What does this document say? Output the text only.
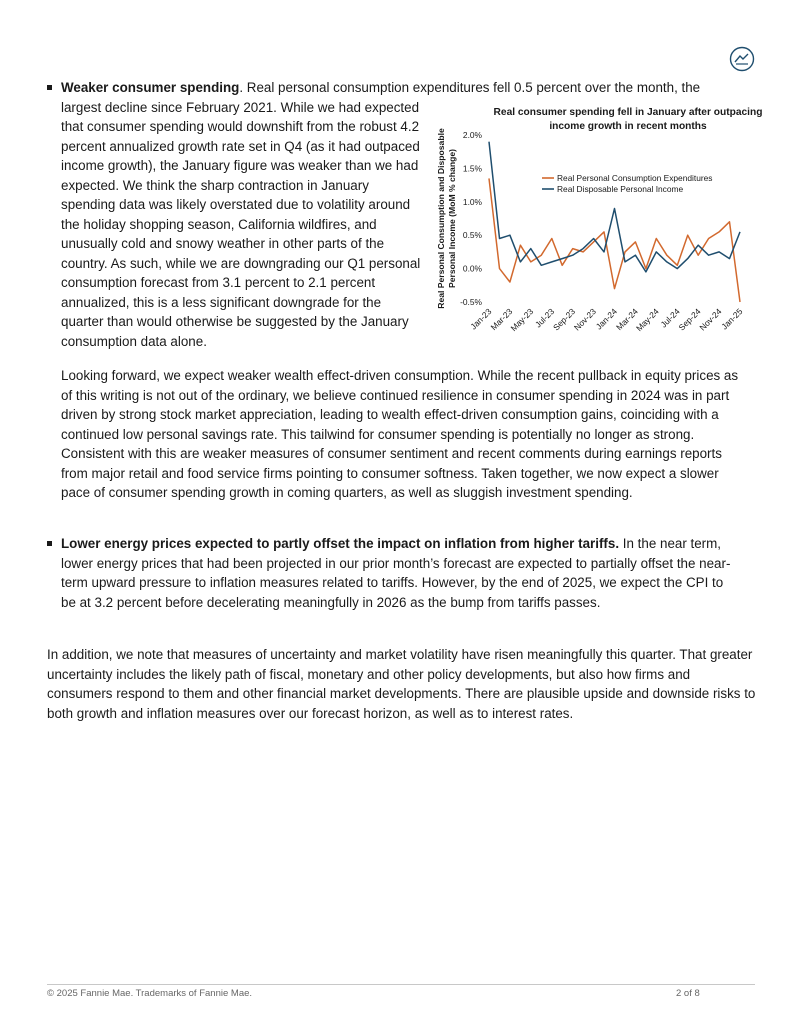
Weaker consumer spending. Real personal consumption expenditures fell 0.5 percent over the month, the

largest decline since February 2021. While we had expected that consumer spending would downshift from the robust 4.2 percent annualized growth rate set in Q4 (as it had outpaced income growth), the January figure was weaker than we had expected. We think the sharp contraction in January spending data was likely overstated due to volatility around the holiday shopping season, California wildfires, and unusually cold and snowy weather in other parts of the country. As such, while we are downgrading our Q1 personal consumption forecast from 3.1 percent to 2.1 percent annualized, this is a less significant downgrade for the quarter than would otherwise be suggested by the January consumption data alone.

Real consumer spending fell in January after outpacing income growth in recent months
Real Personal Consumption and Disposable Personal Income (MoM % change)
2.0%
1.5%
1.0%
0.5%
0.0%
-0.5%
Jan-23
Mar-23
May-23
Jul-23
Sep-23
Nov-23
Jan-24
Mar-24
May-24
Jul-24
Sep-24
Nov-24
Jan-25
Real Personal Consumption Expenditures
Real Disposable Personal Income

Looking forward, we expect weaker wealth effect-driven consumption. While the recent pullback in equity prices as of this writing is not out of the ordinary, we believe continued resilience in consumer spending in 2024 was in part driven by strong stock market appreciation, leading to wealth effect-driven consumption gains, coinciding with a continued low personal savings rate. This tailwind for consumer spending is potentially no longer as strong. Consistent with this are weaker measures of consumer sentiment and recent comments during earnings reports from major retail and food service firms pointing to consumer softness. Taken together, we now expect a slower pace of consumer spending growth in coming quarters, as well as sluggish investment spending.

Lower energy prices expected to partly offset the impact on inflation from higher tariffs. In the near term, lower energy prices that had been projected in our prior month’s forecast are expected to partially offset the near-term upward pressure to inflation measures related to tariffs. However, by the end of 2025, we expect the CPI to be at 3.2 percent before decelerating meaningfully in 2026 as the bump from tariffs passes.

In addition, we note that measures of uncertainty and market volatility have risen meaningfully this quarter. That greater uncertainty includes the likely path of fiscal, monetary and other policy developments, but also how firms and consumers respond to them and other financial market developments. There are plausible upside and downside risks to both growth and inflation measures over our forecast horizon, as well as to interest rates.

© 2025 Fannie Mae. Trademarks of Fannie Mae.	2 of 8
